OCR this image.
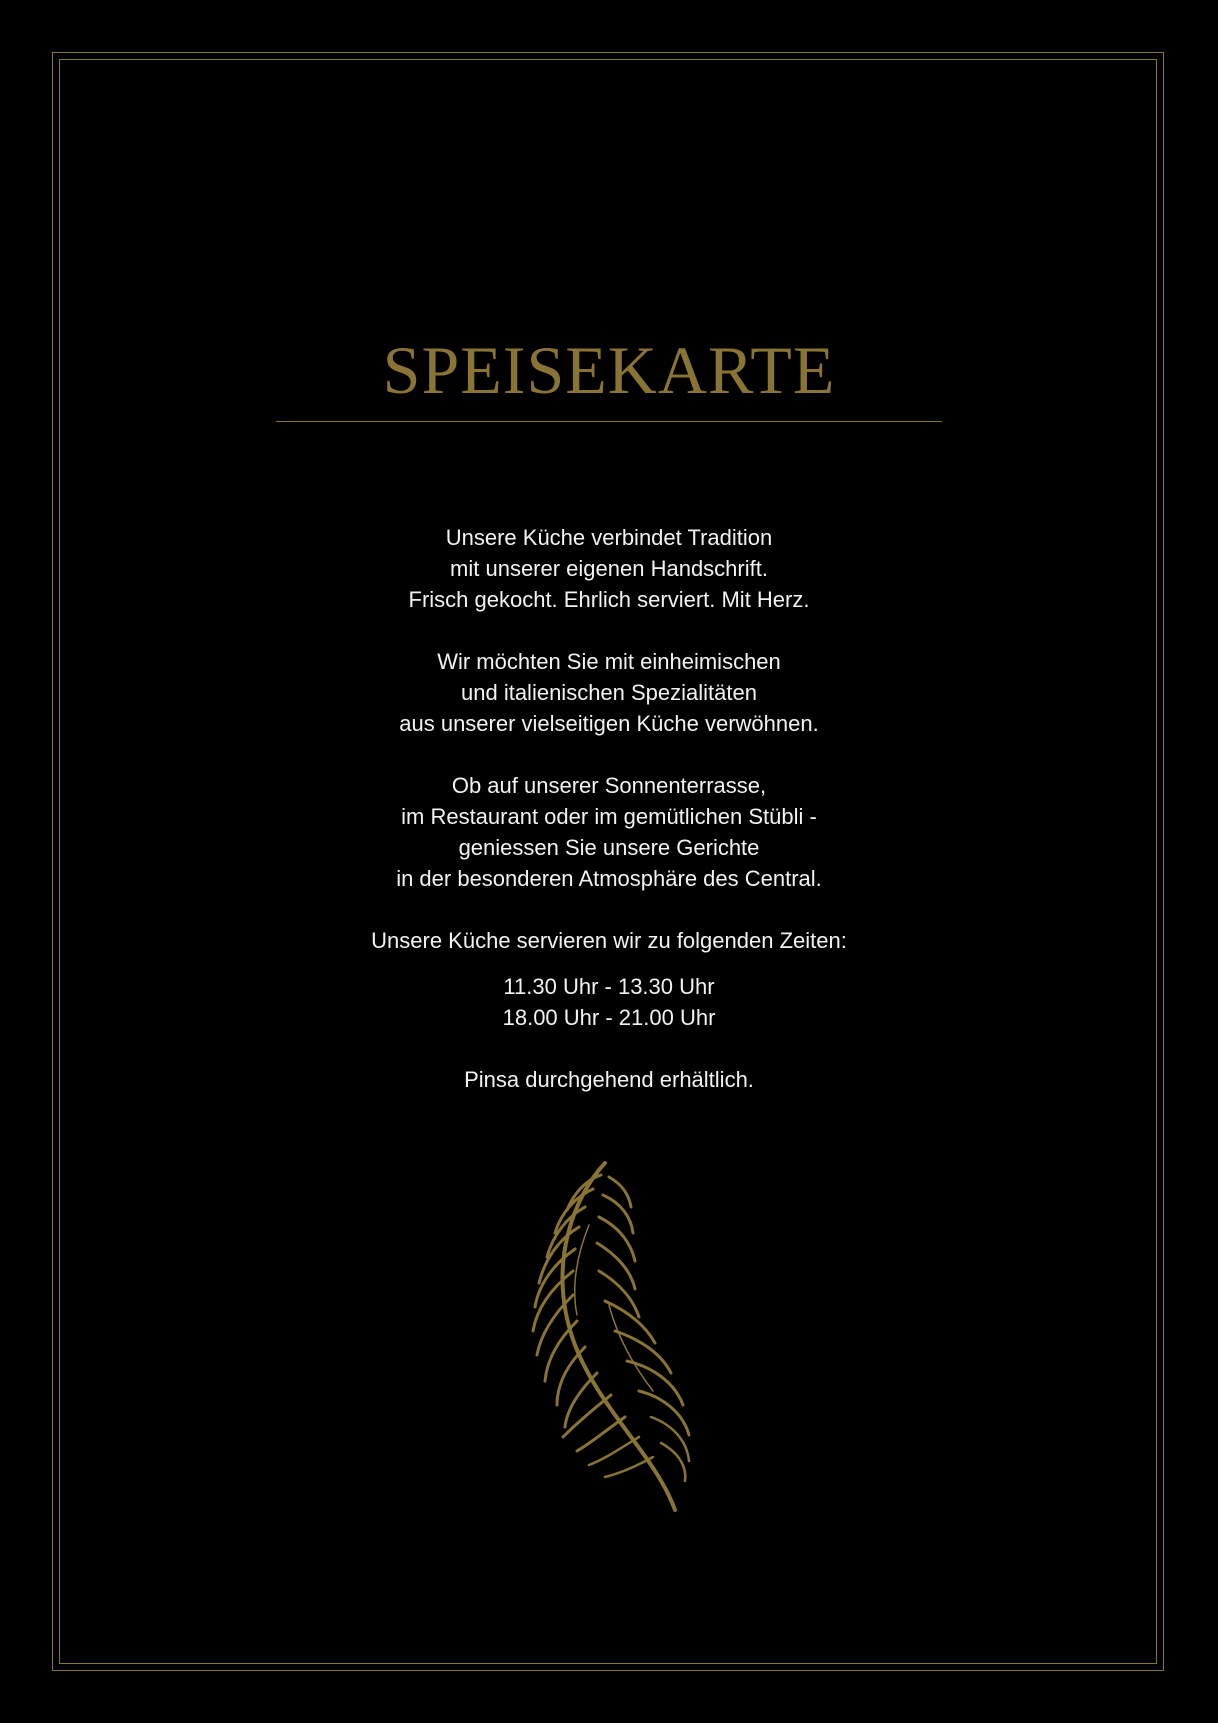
SPEISEKARTE

Unsere Küche verbindet Tradition
mit unserer eigenen Handschrift.
Frisch gekocht. Ehrlich serviert. Mit Herz.

Wir möchten Sie mit einheimischen
und italienischen Spezialitäten
aus unserer vielseitigen Küche verwöhnen.

Ob auf unserer Sonnenterrasse,
im Restaurant oder im gemütlichen Stübli -
geniessen Sie unsere Gerichte
in der besonderen Atmosphäre des Central.

Unsere Küche servieren wir zu folgenden Zeiten:

11.30 Uhr - 13.30 Uhr
18.00 Uhr - 21.00 Uhr

Pinsa durchgehend erhältlich.
